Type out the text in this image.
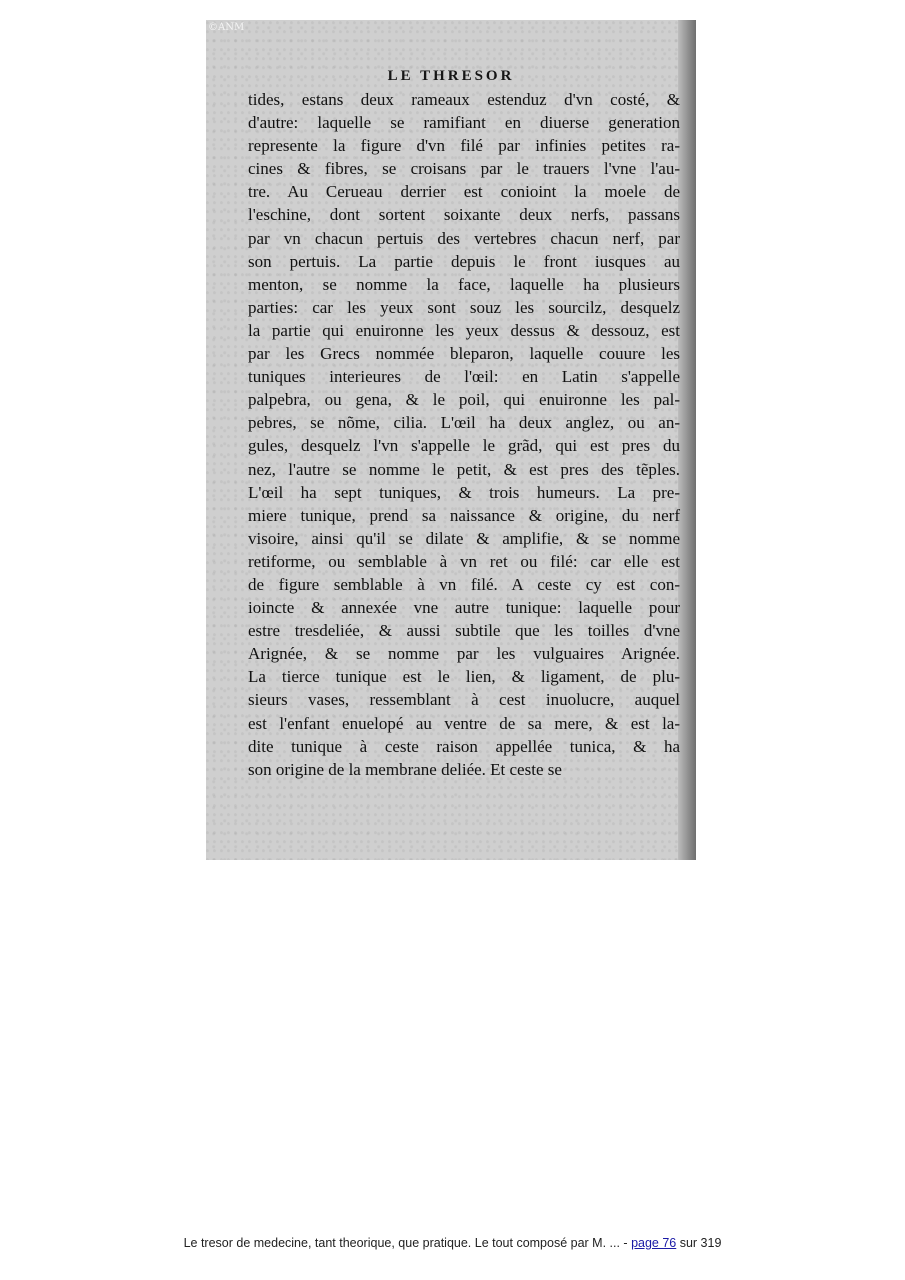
©ANM
LE THRESOR
tides, estans deux rameaux estenduz d'vn costé, &
d'autre: laquelle se ramifiant en diuerse generation
represente la figure d'vn filé par infinies petites ra-
cines & fibres, se croisans par le trauers l'vne l'au-
tre. Au Cerueau derrier est conioint la moele de
l'eschine, dont sortent soixante deux nerfs, passans
par vn chacun pertuis des vertebres chacun nerf, par
son pertuis. La partie depuis le front iusques au
menton, se nomme la face, laquelle ha plusieurs
parties: car les yeux sont souz les sourcilz, desquelz
la partie qui enuironne les yeux dessus & dessouz, est
par les Grecs nommée bleparon, laquelle couure les
tuniques interieures de l'œil: en Latin s'appelle
palpebra, ou gena, & le poil, qui enuironne les pal-
pebres, se nõme, cilia. L'œil ha deux anglez, ou an-
gules, desquelz l'vn s'appelle le grãd, qui est pres du
nez, l'autre se nomme le petit, & est pres des tẽples.
L'œil ha sept tuniques, & trois humeurs. La pre-
miere tunique, prend sa naissance & origine, du nerf
visoire, ainsi qu'il se dilate & amplifie, & se nomme
retiforme, ou semblable à vn ret ou filé: car elle est
de figure semblable à vn filé. A ceste cy est con-
ioincte & annexée vne autre tunique: laquelle pour
estre tresdeliée, & aussi subtile que les toilles d'vne
Arignée, & se nomme par les vulguaires Arignée.
La tierce tunique est le lien, & ligament, de plu-
sieurs vases, ressemblant à cest inuolucre, auquel
est l'enfant enuelopé au ventre de sa mere, & est la-
dite tunique à ceste raison appellée tunica, & ha
son origine de la membrane deliée. Et ceste se
Le tresor de medecine, tant theorique, que pratique. Le tout composé par M. ... - page 76 sur 319
